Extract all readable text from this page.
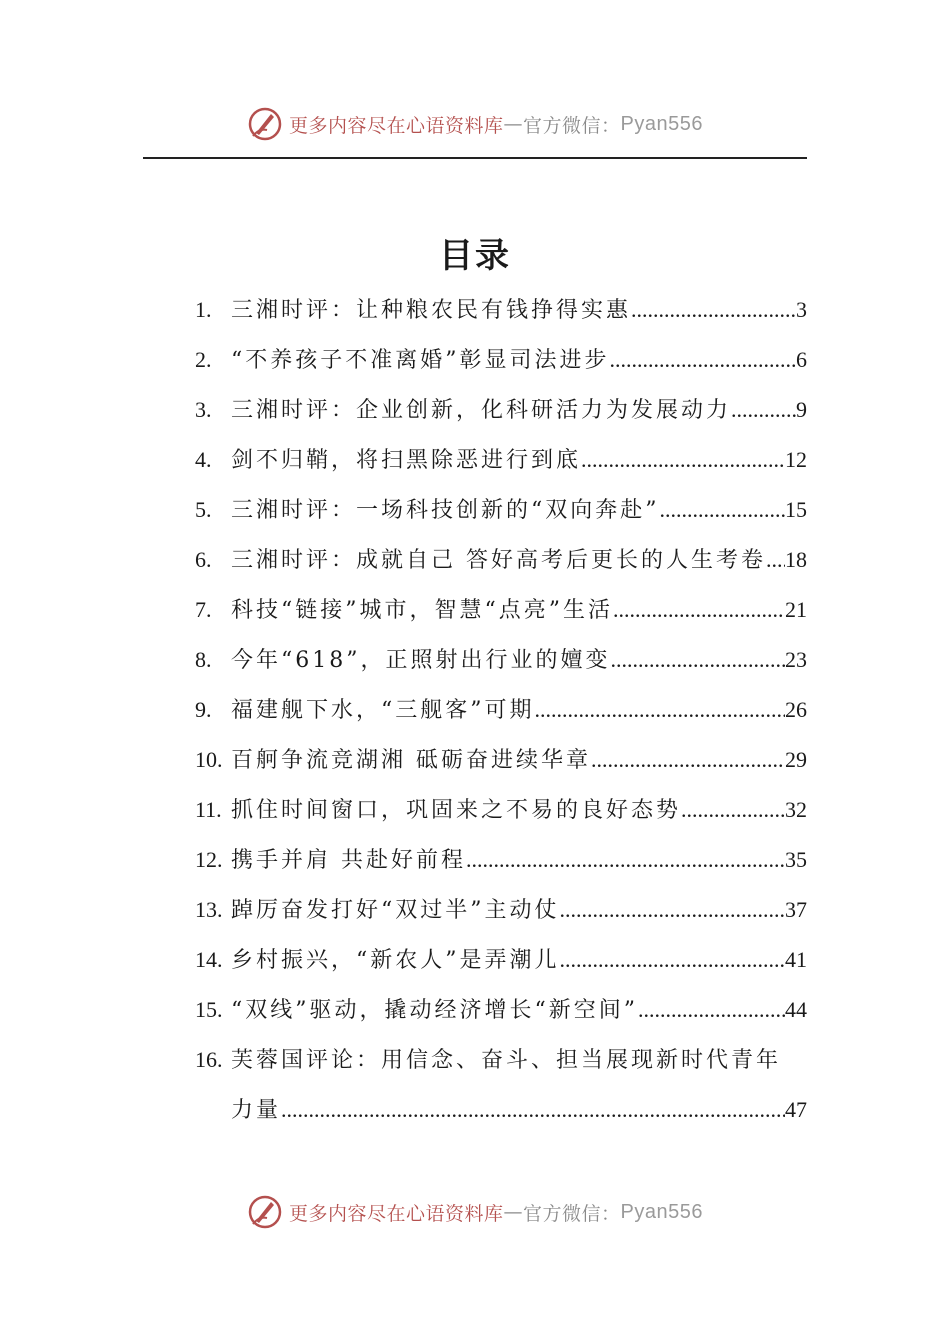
更多内容尽在心语资料库 — 官方微信： Pyan556
目录
1. 三湘时评：让种粮农民有钱挣得实惠 .....	3
2. “不养孩子不准离婚”彰显司法进步 .....	6
3. 三湘时评：企业创新，化科研活力为发展动力 .....	9
4. 剑不归鞘，将扫黑除恶进行到底 .....	12
5. 三湘时评：一场科技创新的“双向奔赴” .....	15
6. 三湘时评：成就自己 答好高考后更长的人生考卷 ..... 18
7. 科技“链接”城市，智慧“点亮”生活 .....	21
8. 今年“618”，正照射出行业的嬗变 .....	23
9. 福建舰下水，“三舰客”可期 .....	26
10. 百舸争流竞湖湘 砥砺奋进续华章 .....	29
11. 抓住时间窗口，巩固来之不易的良好态势 .....	32
12. 携手并肩 共赴好前程 .....	35
13. 踔厉奋发打好“双过半”主动仗 .....	37
14. 乡村振兴，“新农人”是弄潮儿 .....	41
15. “双线”驱动，撬动经济增长“新空间” .....	44
16. 芙蓉国评论：用信念、奋斗、担当展现新时代青年
力量 .....	47
更多内容尽在心语资料库 — 官方微信： Pyan556
